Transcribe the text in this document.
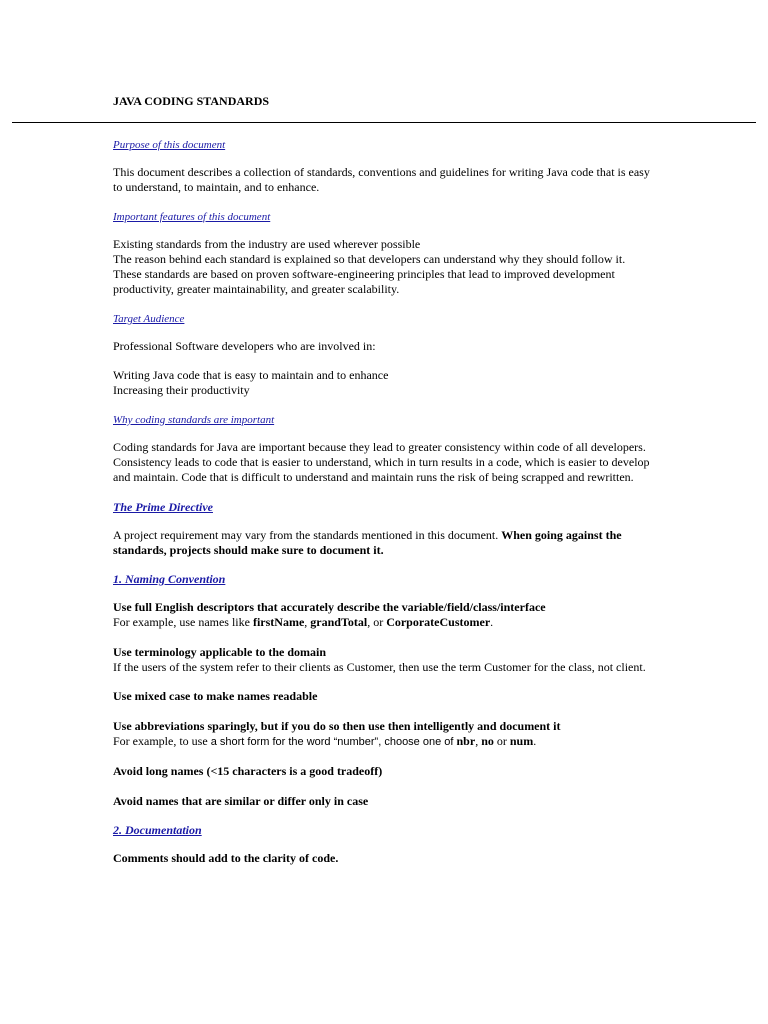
JAVA CODING STANDARDS

Purpose of this document

This document describes a collection of standards, conventions and guidelines for writing Java code that is easy to understand, to maintain, and to enhance.

Important features of this document

Existing standards from the industry are used wherever possible

The reason behind each standard is explained so that developers can understand why they should follow it.

These standards are based on proven software-engineering principles that lead to improved development productivity, greater maintainability, and greater scalability.

Target Audience

Professional Software developers who are involved in:

Writing Java code that is easy to maintain and to enhance

Increasing their productivity

Why coding standards are important

Coding standards for Java are important because they lead to greater consistency within code of all developers. Consistency leads to code that is easier to understand, which in turn results in a code, which is easier to develop and maintain. Code that is difficult to understand and maintain runs the risk of being scrapped and rewritten.

The Prime Directive

A project requirement may vary from the standards mentioned in this document. When going against the standards, projects should make sure to document it.

1. Naming Convention

Use full English descriptors that accurately describe the variable/field/class/interface

For example, use names like firstName, grandTotal, or CorporateCustomer.

Use terminology applicable to the domain

If the users of the system refer to their clients as Customer, then use the term Customer for the class, not client.

Use mixed case to make names readable

Use abbreviations sparingly, but if you do so then use then intelligently and document it

For example, to use a short form for the word “number”, choose one of nbr, no or num.

Avoid long names (<15 characters is a good tradeoff)

Avoid names that are similar or differ only in case

2. Documentation

Comments should add to the clarity of code.
